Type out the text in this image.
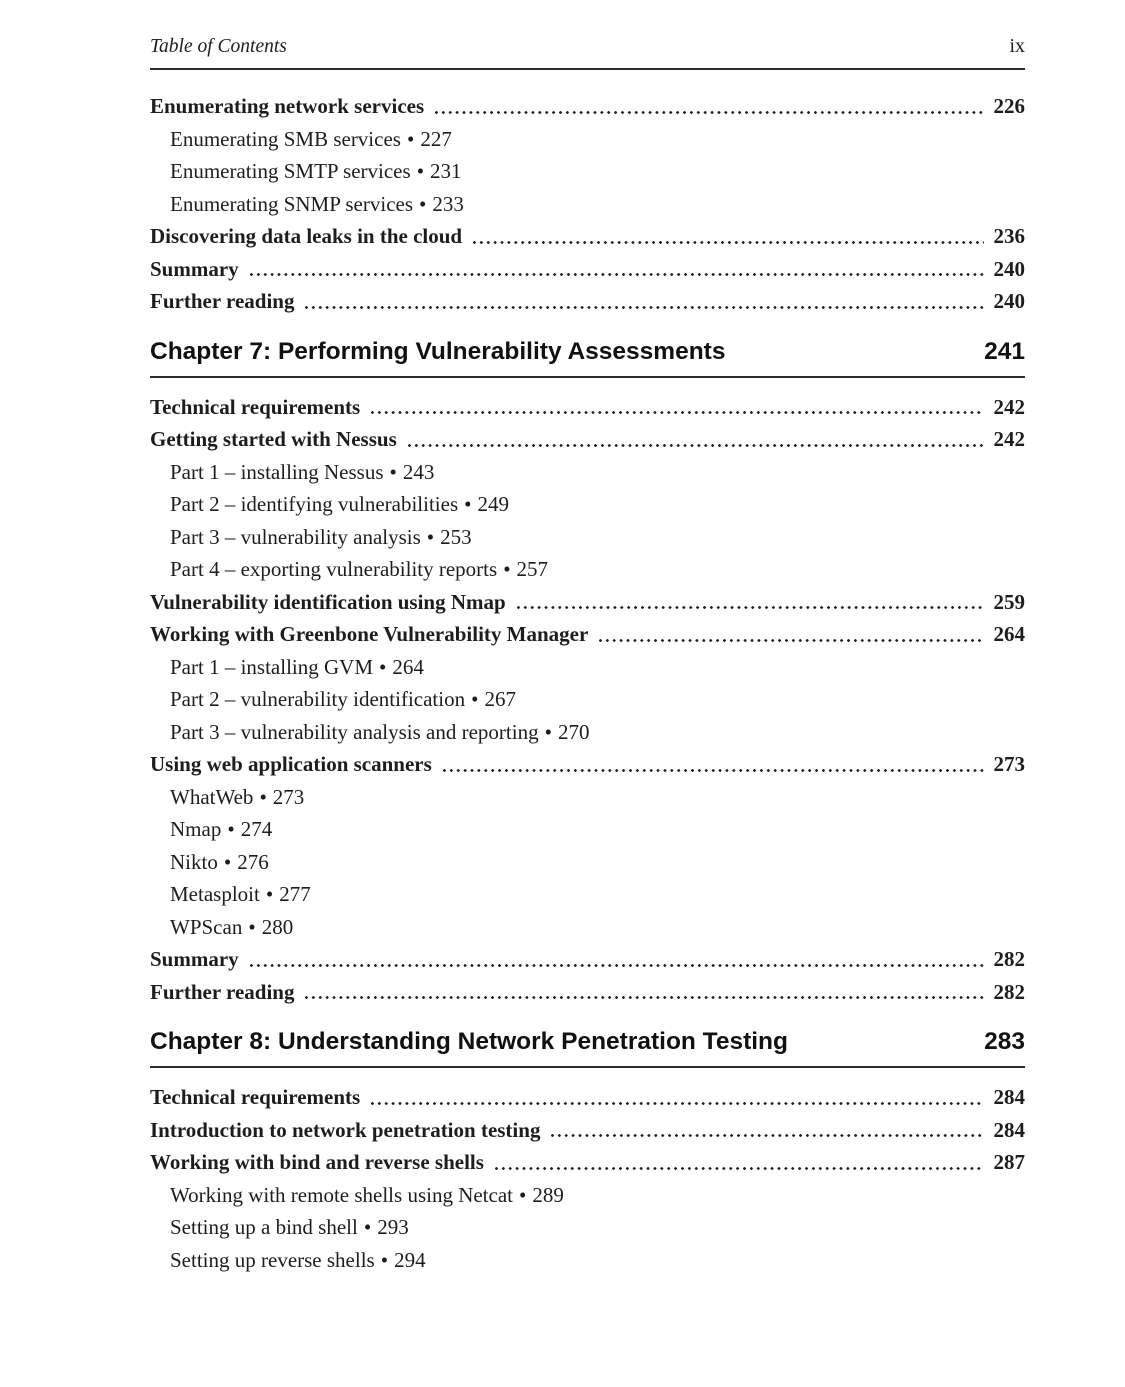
Table of Contents	ix
Enumerating network services	226
Enumerating SMB services • 227
Enumerating SMTP services • 231
Enumerating SNMP services • 233
Discovering data leaks in the cloud	236
Summary	240
Further reading	240
Chapter 7: Performing Vulnerability Assessments	241
Technical requirements	242
Getting started with Nessus	242
Part 1 – installing Nessus • 243
Part 2 – identifying vulnerabilities • 249
Part 3 – vulnerability analysis • 253
Part 4 – exporting vulnerability reports • 257
Vulnerability identification using Nmap	259
Working with Greenbone Vulnerability Manager	264
Part 1 – installing GVM • 264
Part 2 – vulnerability identification • 267
Part 3 – vulnerability analysis and reporting • 270
Using web application scanners	273
WhatWeb • 273
Nmap • 274
Nikto • 276
Metasploit • 277
WPScan • 280
Summary	282
Further reading	282
Chapter 8: Understanding Network Penetration Testing	283
Technical requirements	284
Introduction to network penetration testing	284
Working with bind and reverse shells	287
Working with remote shells using Netcat • 289
Setting up a bind shell • 293
Setting up reverse shells • 294
